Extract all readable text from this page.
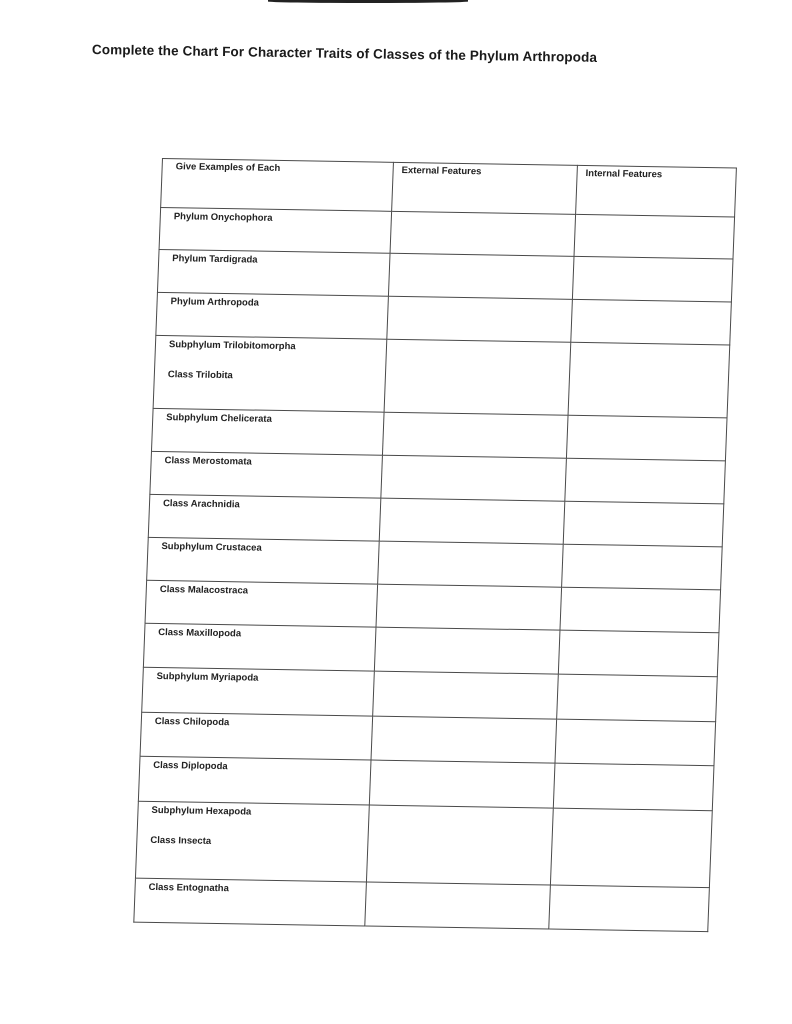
Complete the Chart For Character Traits of Classes of the Phylum Arthropoda
Give Examples of Each	External Features	Internal Features

Phylum Onychophora		

Phylum Tardigrada		

Phylum Arthropoda		

Subphylum Trilobitomorpha
Class Trilobita		

Subphylum Chelicerata		

Class Merostomata		

Class Arachnidia		

Subphylum Crustacea		

Class Malacostraca		

Class Maxillopoda		

Subphylum Myriapoda		

Class Chilopoda		

Class Diplopoda		

Subphylum Hexapoda
Class Insecta		

Class Entognatha		
